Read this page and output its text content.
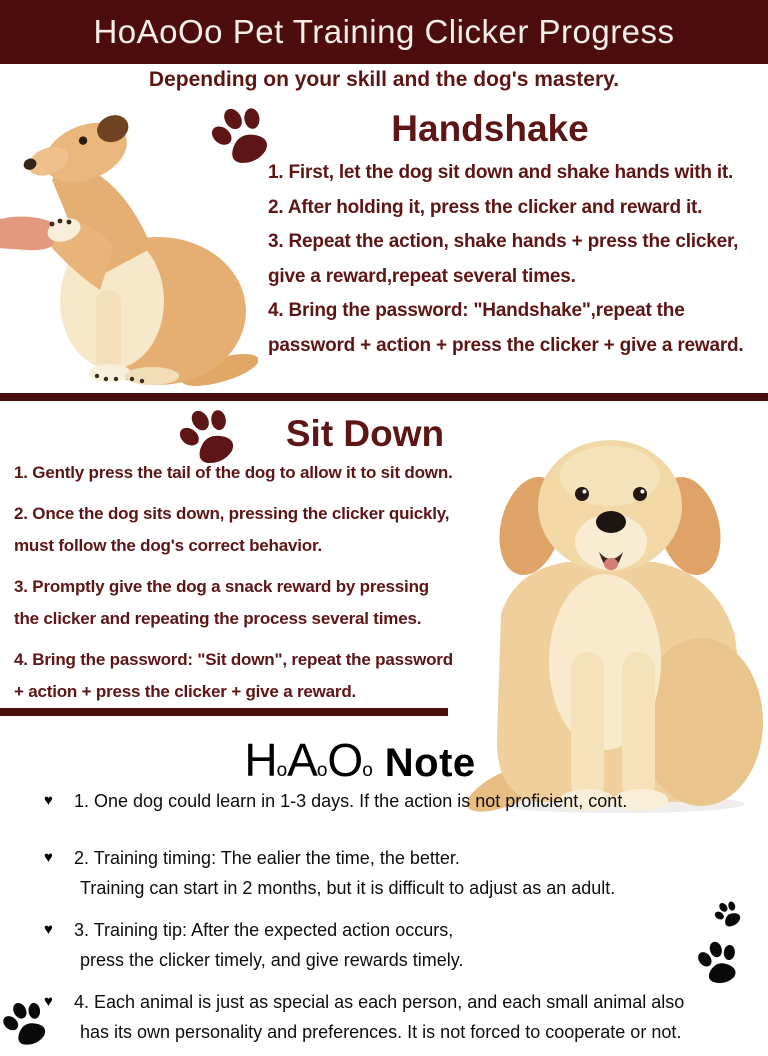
HoAoOo Pet Training Clicker Progress
Depending on your skill and the dog's mastery.
Handshake
1. First, let the dog sit down and shake hands with it.
2. After holding it, press the clicker and reward it.
3. Repeat the action, shake hands + press the clicker,
give a reward,repeat several times.
4. Bring the password: "Handshake",repeat the
password + action + press the clicker + give a reward.
Sit Down
1. Gently press the tail of the dog to allow it to sit down.
2. Once the dog sits down, pressing the clicker quickly,
must follow the dog's correct behavior.
3. Promptly give the dog a snack reward by pressing
the clicker and repeating the process several times.
4. Bring the password: "Sit down", repeat the password
+ action + press the clicker + give a reward.
HoAoOo Note
♥ 1. One dog could learn in 1-3 days. If the action is not proficient, cont.
♥ 2. Training timing: The ealier the time, the better.
Training can start in 2 months, but it is difficult to adjust as an adult.
♥ 3. Training tip: After the expected action occurs,
press the clicker timely, and give rewards timely.
♥ 4. Each animal is just as special as each person, and each small animal also
has its own personality and preferences. It is not forced to cooperate or not.
